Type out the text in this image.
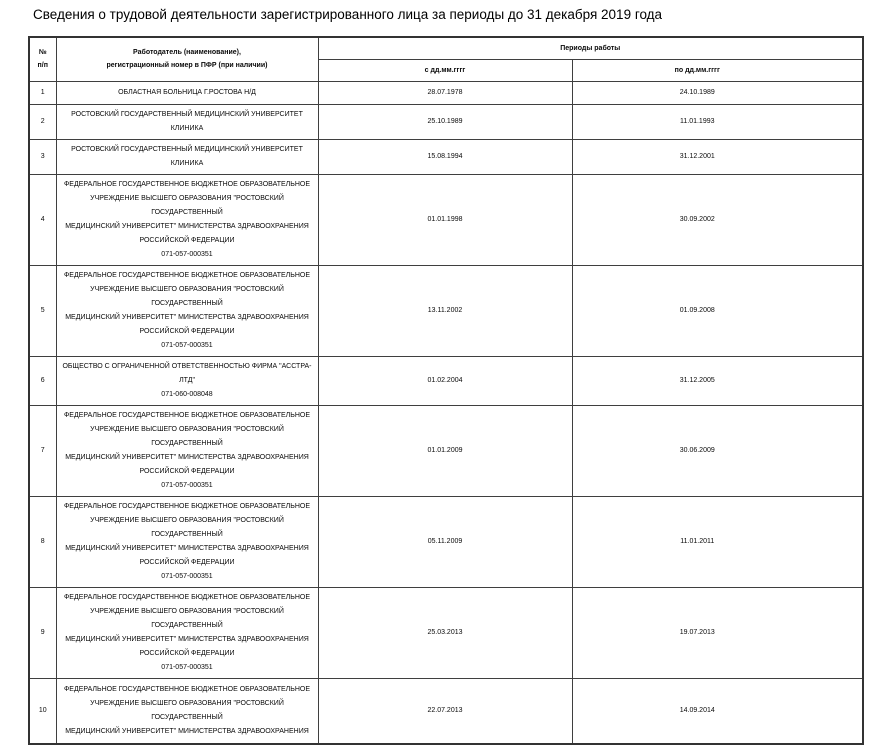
Сведения о трудовой деятельности зарегистрированного лица за периоды до 31 декабря 2019 года
№
п/п

Работодатель (наименование),
регистрационный номер в ПФР (при наличии)
	Периоды работы
		с дд.мм.гггг	по дд.мм.гггг
1	ОБЛАСТНАЯ БОЛЬНИЦА Г.РОСТОВА Н/Д	28.07.1978	24.10.1989
2	РОСТОВСКИЙ ГОСУДАРСТВЕННЫЙ МЕДИЦИНСКИЙ УНИВЕРСИТЕТ КЛИНИКА	25.10.1989	11.01.1993
3	РОСТОВСКИЙ ГОСУДАРСТВЕННЫЙ МЕДИЦИНСКИЙ УНИВЕРСИТЕТ КЛИНИКА	15.08.1994	31.12.2001
4	ФЕДЕРАЛЬНОЕ ГОСУДАРСТВЕННОЕ БЮДЖЕТНОЕ ОБРАЗОВАТЕЛЬНОЕ
УЧРЕЖДЕНИЕ ВЫСШЕГО ОБРАЗОВАНИЯ "РОСТОВСКИЙ ГОСУДАРСТВЕННЫЙ
МЕДИЦИНСКИЙ УНИВЕРСИТЕТ" МИНИСТЕРСТВА ЗДРАВООХРАНЕНИЯ
РОССИЙСКОЙ ФЕДЕРАЦИИ
071-057-000351	01.01.1998	30.09.2002
5	ФЕДЕРАЛЬНОЕ ГОСУДАРСТВЕННОЕ БЮДЖЕТНОЕ ОБРАЗОВАТЕЛЬНОЕ
УЧРЕЖДЕНИЕ ВЫСШЕГО ОБРАЗОВАНИЯ "РОСТОВСКИЙ ГОСУДАРСТВЕННЫЙ
МЕДИЦИНСКИЙ УНИВЕРСИТЕТ" МИНИСТЕРСТВА ЗДРАВООХРАНЕНИЯ
РОССИЙСКОЙ ФЕДЕРАЦИИ
071-057-000351	13.11.2002	01.09.2008
6	ОБЩЕСТВО С ОГРАНИЧЕННОЙ ОТВЕТСТВЕННОСТЬЮ ФИРМА "АССТРА-ЛТД"
071-060-008048	01.02.2004	31.12.2005
7	ФЕДЕРАЛЬНОЕ ГОСУДАРСТВЕННОЕ БЮДЖЕТНОЕ ОБРАЗОВАТЕЛЬНОЕ
УЧРЕЖДЕНИЕ ВЫСШЕГО ОБРАЗОВАНИЯ "РОСТОВСКИЙ ГОСУДАРСТВЕННЫЙ
МЕДИЦИНСКИЙ УНИВЕРСИТЕТ" МИНИСТЕРСТВА ЗДРАВООХРАНЕНИЯ
РОССИЙСКОЙ ФЕДЕРАЦИИ
071-057-000351	01.01.2009	30.06.2009
8	ФЕДЕРАЛЬНОЕ ГОСУДАРСТВЕННОЕ БЮДЖЕТНОЕ ОБРАЗОВАТЕЛЬНОЕ
УЧРЕЖДЕНИЕ ВЫСШЕГО ОБРАЗОВАНИЯ "РОСТОВСКИЙ ГОСУДАРСТВЕННЫЙ
МЕДИЦИНСКИЙ УНИВЕРСИТЕТ" МИНИСТЕРСТВА ЗДРАВООХРАНЕНИЯ
РОССИЙСКОЙ ФЕДЕРАЦИИ
071-057-000351	05.11.2009	11.01.2011
9	ФЕДЕРАЛЬНОЕ ГОСУДАРСТВЕННОЕ БЮДЖЕТНОЕ ОБРАЗОВАТЕЛЬНОЕ
УЧРЕЖДЕНИЕ ВЫСШЕГО ОБРАЗОВАНИЯ "РОСТОВСКИЙ ГОСУДАРСТВЕННЫЙ
МЕДИЦИНСКИЙ УНИВЕРСИТЕТ" МИНИСТЕРСТВА ЗДРАВООХРАНЕНИЯ
РОССИЙСКОЙ ФЕДЕРАЦИИ
071-057-000351	25.03.2013	19.07.2013
10	ФЕДЕРАЛЬНОЕ ГОСУДАРСТВЕННОЕ БЮДЖЕТНОЕ ОБРАЗОВАТЕЛЬНОЕ
УЧРЕЖДЕНИЕ ВЫСШЕГО ОБРАЗОВАНИЯ "РОСТОВСКИЙ ГОСУДАРСТВЕННЫЙ
МЕДИЦИНСКИЙ УНИВЕРСИТЕТ" МИНИСТЕРСТВА ЗДРАВООХРАНЕНИЯ	22.07.2013	14.09.2014
